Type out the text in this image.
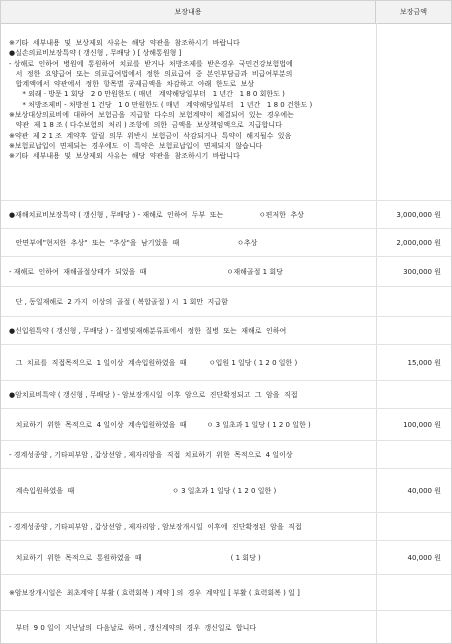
보장내용	보장금액
※기타  세부내용  및  보상제외  사유는  해당  약관을  참조하시기  바랍니다
●실손의료비보장특약 ( 갱신형 , 무배당 ) [ 상해통원형 ]
- 상해로  인하여  병원에  통원하여  치료를  받거나  처방조제를  받은경우  국민건강보험법에
서  정한  요양급여  또는  의료급여법에서  정한  의료급여  중  본인부담금과  비급여부분의
합계액에서  약관에서  정한  항목별  공제금액을  차감하고  아래  한도로  보상
* 외래 · 방문 1 회당   2 0 만원한도 ( 매년   계약해당일부터   1 년간   1 8 0 회한도 )
* 처방조제비 - 처방전 1 건당   1 0 만원한도 ( 매년   계약해당일부터   1 년간   1 8 0 건한도 )
※보상대상의료비에  대하여  보험금을  지급할  다수의  보험계약이  체결되어  있는  경우에는
약관  제 1 8 조 ( 다수보험의  처리 ) 조항에  의한  금액을  보상책임액으로  지급합니다
※약관  제 2 1 조  계약후  알릴  의무  위반시  보험금이  삭감되거나  특약이  해지될수  있음
※보험료납입이  면제되는  경우에도  이  특약은  보험료납입이  면제되지  않습니다
※기타  세부내용  및  보상제외  사유는  해당  약관을  참조하시기  바랍니다
●재해치료비보장특약 ( 갱신형 , 무배당 ) - 재해로  인하여  두부  또는                ㅇ편저한  추상	3,000,000 원
안면부에"현저한  추상"  또는  "추상"을  남기었을  때                          ㅇ추상	2,000,000 원
- 재해로  인하여  재해골절상태가  되었을  때                                    ㅇ재해골절 1 회당	300,000 원
단 , 동일재해로  2 가지  이상의  골절 ( 복합골절 ) 시  1 회만  지급함
●신입원특약 ( 갱신형 , 무배당 ) - 질병및재해분류표에서  정한  질병  또는  재해로  인하여
그  치료를  직접목적으로  1 일이상  계속입원하였을  때          ㅇ입원 1 일당 ( 1 2 0 일한 )	15,000 원
●암치료비특약 ( 갱신형 , 무배당 ) - 암보장개시일  이후  암으로  진단확정되고  그  암을  직접
치료하기  위한  목적으로  4 일이상  계속입원하였을  때         ㅇ 3 일초과 1 일당 ( 1 2 0 일한 )	100,000 원
- 경계성종양 , 기타피부암 , 갑상선암 , 제자리암을  직접  치료하기  위한  목적으로  4 일이상
계속입원하였을  때                                            ㅇ 3 일초과 1 일당 ( 1 2 0 일한 )	40,000 원
- 경계성종양 , 기타피부암 , 갑상선암 , 제자리암 , 암보장개시일  이후에  진단확정된  암을  직접
치료하기  위한  목적으로  통원하였을  때                                        ( 1 회당 )	40,000 원
※암보장개시일은  최초계약 [ 부활 ( 효력회복 ) 계약 ] 의  경우  계약일 [ 부활 ( 효력회복 ) 일 ]
부터  9 0 일이  지난날의  다음날로  하며 , 갱신계약의  경우  갱신일로  합니다
